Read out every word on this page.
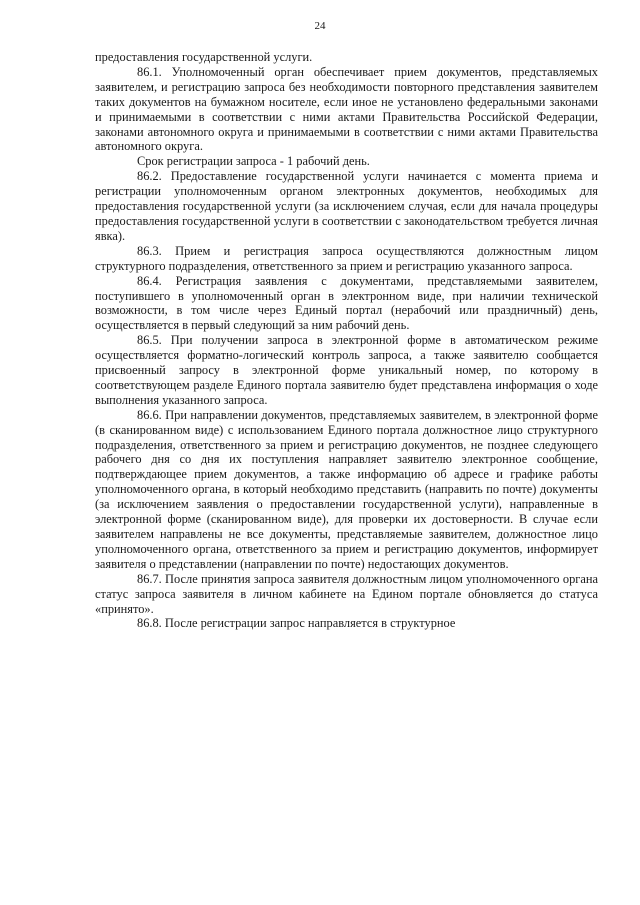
24

предоставления государственной услуги.

86.1. Уполномоченный орган обеспечивает прием документов, представляемых заявителем, и регистрацию запроса без необходимости повторного представления заявителем таких документов на бумажном носителе, если иное не установлено федеральными законами и принимаемыми в соответствии с ними актами Правительства Российской Федерации, законами автономного округа и принимаемыми в соответствии с ними актами Правительства автономного округа.

Срок регистрации запроса - 1 рабочий день.

86.2. Предоставление государственной услуги начинается с момента приема и регистрации уполномоченным органом электронных документов, необходимых для предоставления государственной услуги (за исключением случая, если для начала процедуры предоставления государственной услуги в соответствии с законодательством требуется личная явка).

86.3. Прием и регистрация запроса осуществляются должностным лицом структурного подразделения, ответственного за прием и регистрацию указанного запроса.

86.4. Регистрация заявления с документами, представляемыми заявителем, поступившего в уполномоченный орган в электронном виде, при наличии технической возможности, в том числе через Единый портал (нерабочий или праздничный) день, осуществляется в первый следующий за ним рабочий день.

86.5. При получении запроса в электронной форме в автоматическом режиме осуществляется форматно-логический контроль запроса, а также заявителю сообщается присвоенный запросу в электронной форме уникальный номер, по которому в соответствующем разделе Единого портала заявителю будет представлена информация о ходе выполнения указанного запроса.

86.6. При направлении документов, представляемых заявителем, в электронной форме (в сканированном виде) с использованием Единого портала должностное лицо структурного подразделения, ответственного за прием и регистрацию документов, не позднее следующего рабочего дня со дня их поступления направляет заявителю электронное сообщение, подтверждающее прием документов, а также информацию об адресе и графике работы уполномоченного органа, в который необходимо представить (направить по почте) документы (за исключением заявления о предоставлении государственной услуги), направленные в электронной форме (сканированном виде), для проверки их достоверности. В случае если заявителем направлены не все документы, представляемые заявителем, должностное лицо уполномоченного органа, ответственного за прием и регистрацию документов, информирует заявителя о представлении (направлении по почте) недостающих документов.

86.7. После принятия запроса заявителя должностным лицом уполномоченного органа статус запроса заявителя в личном кабинете на Едином портале обновляется до статуса «принято».

86.8. После регистрации запрос направляется в структурное
